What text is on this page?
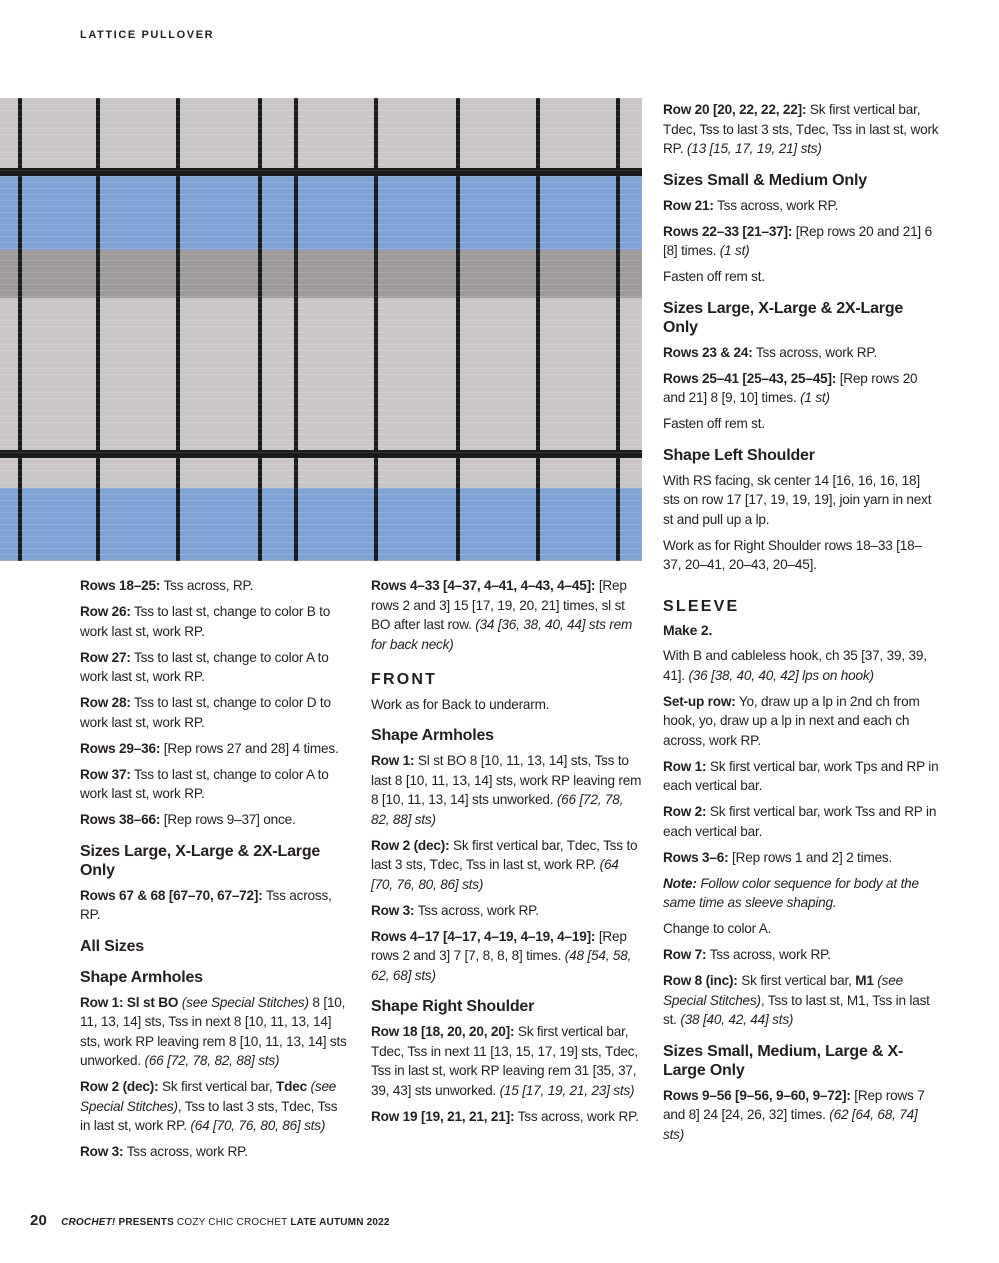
LATTICE PULLOVER

Rows 18–25: Tss across, RP.

Row 26: Tss to last st, change to color B to work last st, work RP.

Row 27: Tss to last st, change to color A to work last st, work RP.

Row 28: Tss to last st, change to color D to work last st, work RP.

Rows 29–36: [Rep rows 27 and 28] 4 times.

Row 37: Tss to last st, change to color A to work last st, work RP.

Rows 38–66: [Rep rows 9–37] once.

Sizes Large, X-Large & 2X-Large Only

Rows 67 & 68 [67–70, 67–72]: Tss across, RP.

All Sizes
Shape Armholes

Row 1: Sl st BO (see Special Stitches) 8 [10, 11, 13, 14] sts, Tss in next 8 [10, 11, 13, 14] sts, work RP leaving rem 8 [10, 11, 13, 14] sts unworked. (66 [72, 78, 82, 88] sts)

Row 2 (dec): Sk first vertical bar, Tdec (see Special Stitches), Tss to last 3 sts, Tdec, Tss in last st, work RP. (64 [70, 76, 80, 86] sts)

Row 3: Tss across, work RP.

Rows 4–33 [4–37, 4–41, 4–43, 4–45]: [Rep rows 2 and 3] 15 [17, 19, 20, 21] times, sl st BO after last row. (34 [36, 38, 40, 44] sts rem for back neck)

FRONT

Work as for Back to underarm.

Shape Armholes

Row 1: Sl st BO 8 [10, 11, 13, 14] sts, Tss to last 8 [10, 11, 13, 14] sts, work RP leaving rem 8 [10, 11, 13, 14] sts unworked. (66 [72, 78, 82, 88] sts)

Row 2 (dec): Sk first vertical bar, Tdec, Tss to last 3 sts, Tdec, Tss in last st, work RP. (64 [70, 76, 80, 86] sts)

Row 3: Tss across, work RP.

Rows 4–17 [4–17, 4–19, 4–19, 4–19]: [Rep rows 2 and 3] 7 [7, 8, 8, 8] times. (48 [54, 58, 62, 68] sts)

Shape Right Shoulder

Row 18 [18, 20, 20, 20]: Sk first vertical bar, Tdec, Tss in next 11 [13, 15, 17, 19] sts, Tdec, Tss in last st, work RP leaving rem 31 [35, 37, 39, 43] sts unworked. (15 [17, 19, 21, 23] sts)

Row 19 [19, 21, 21, 21]: Tss across, work RP.

Row 20 [20, 22, 22, 22]: Sk first vertical bar, Tdec, Tss to last 3 sts, Tdec, Tss in last st, work RP. (13 [15, 17, 19, 21] sts)

Sizes Small & Medium Only

Row 21: Tss across, work RP.

Rows 22–33 [21–37]: [Rep rows 20 and 21] 6 [8] times. (1 st)

Fasten off rem st.

Sizes Large, X-Large & 2X-Large Only

Rows 23 & 24: Tss across, work RP.

Rows 25–41 [25–43, 25–45]: [Rep rows 20 and 21] 8 [9, 10] times. (1 st)

Fasten off rem st.

Shape Left Shoulder

With RS facing, sk center 14 [16, 16, 16, 18] sts on row 17 [17, 19, 19, 19], join yarn in next st and pull up a lp.

Work as for Right Shoulder rows 18–33 [18–37, 20–41, 20–43, 20–45].

SLEEVE
Make 2.

With B and cableless hook, ch 35 [37, 39, 39, 41]. (36 [38, 40, 40, 42] lps on hook)

Set-up row: Yo, draw up a lp in 2nd ch from hook, yo, draw up a lp in next and each ch across, work RP.

Row 1: Sk first vertical bar, work Tps and RP in each vertical bar.

Row 2: Sk first vertical bar, work Tss and RP in each vertical bar.

Rows 3–6: [Rep rows 1 and 2] 2 times.

Note: Follow color sequence for body at the same time as sleeve shaping.

Change to color A.

Row 7: Tss across, work RP.

Row 8 (inc): Sk first vertical bar, M1 (see Special Stitches), Tss to last st, M1, Tss in last st. (38 [40, 42, 44] sts)

Sizes Small, Medium, Large & X-Large Only

Rows 9–56 [9–56, 9–60, 9–72]: [Rep rows 7 and 8] 24 [24, 26, 32] times. (62 [64, 68, 74] sts)

20 CROCHET! PRESENTS COZY CHIC CROCHET LATE AUTUMN 2022
